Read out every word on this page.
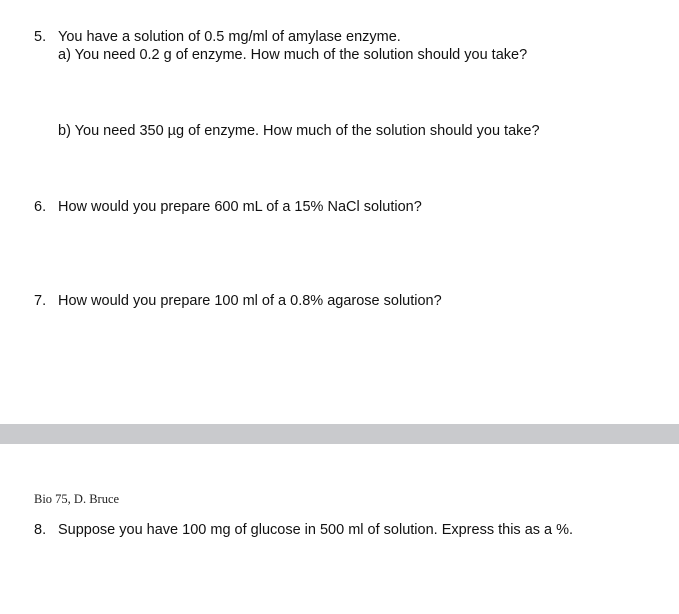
5. You have a solution of 0.5 mg/ml of amylase enzyme.
a) You need 0.2 g of enzyme. How much of the solution should you take?
b) You need 350 µg of enzyme. How much of the solution should you take?
6. How would you prepare 600 mL of a 15% NaCl solution?
7. How would you prepare 100 ml of a 0.8% agarose solution?
Bio 75, D. Bruce
8. Suppose you have 100 mg of glucose in 500 ml of solution. Express this as a %.
